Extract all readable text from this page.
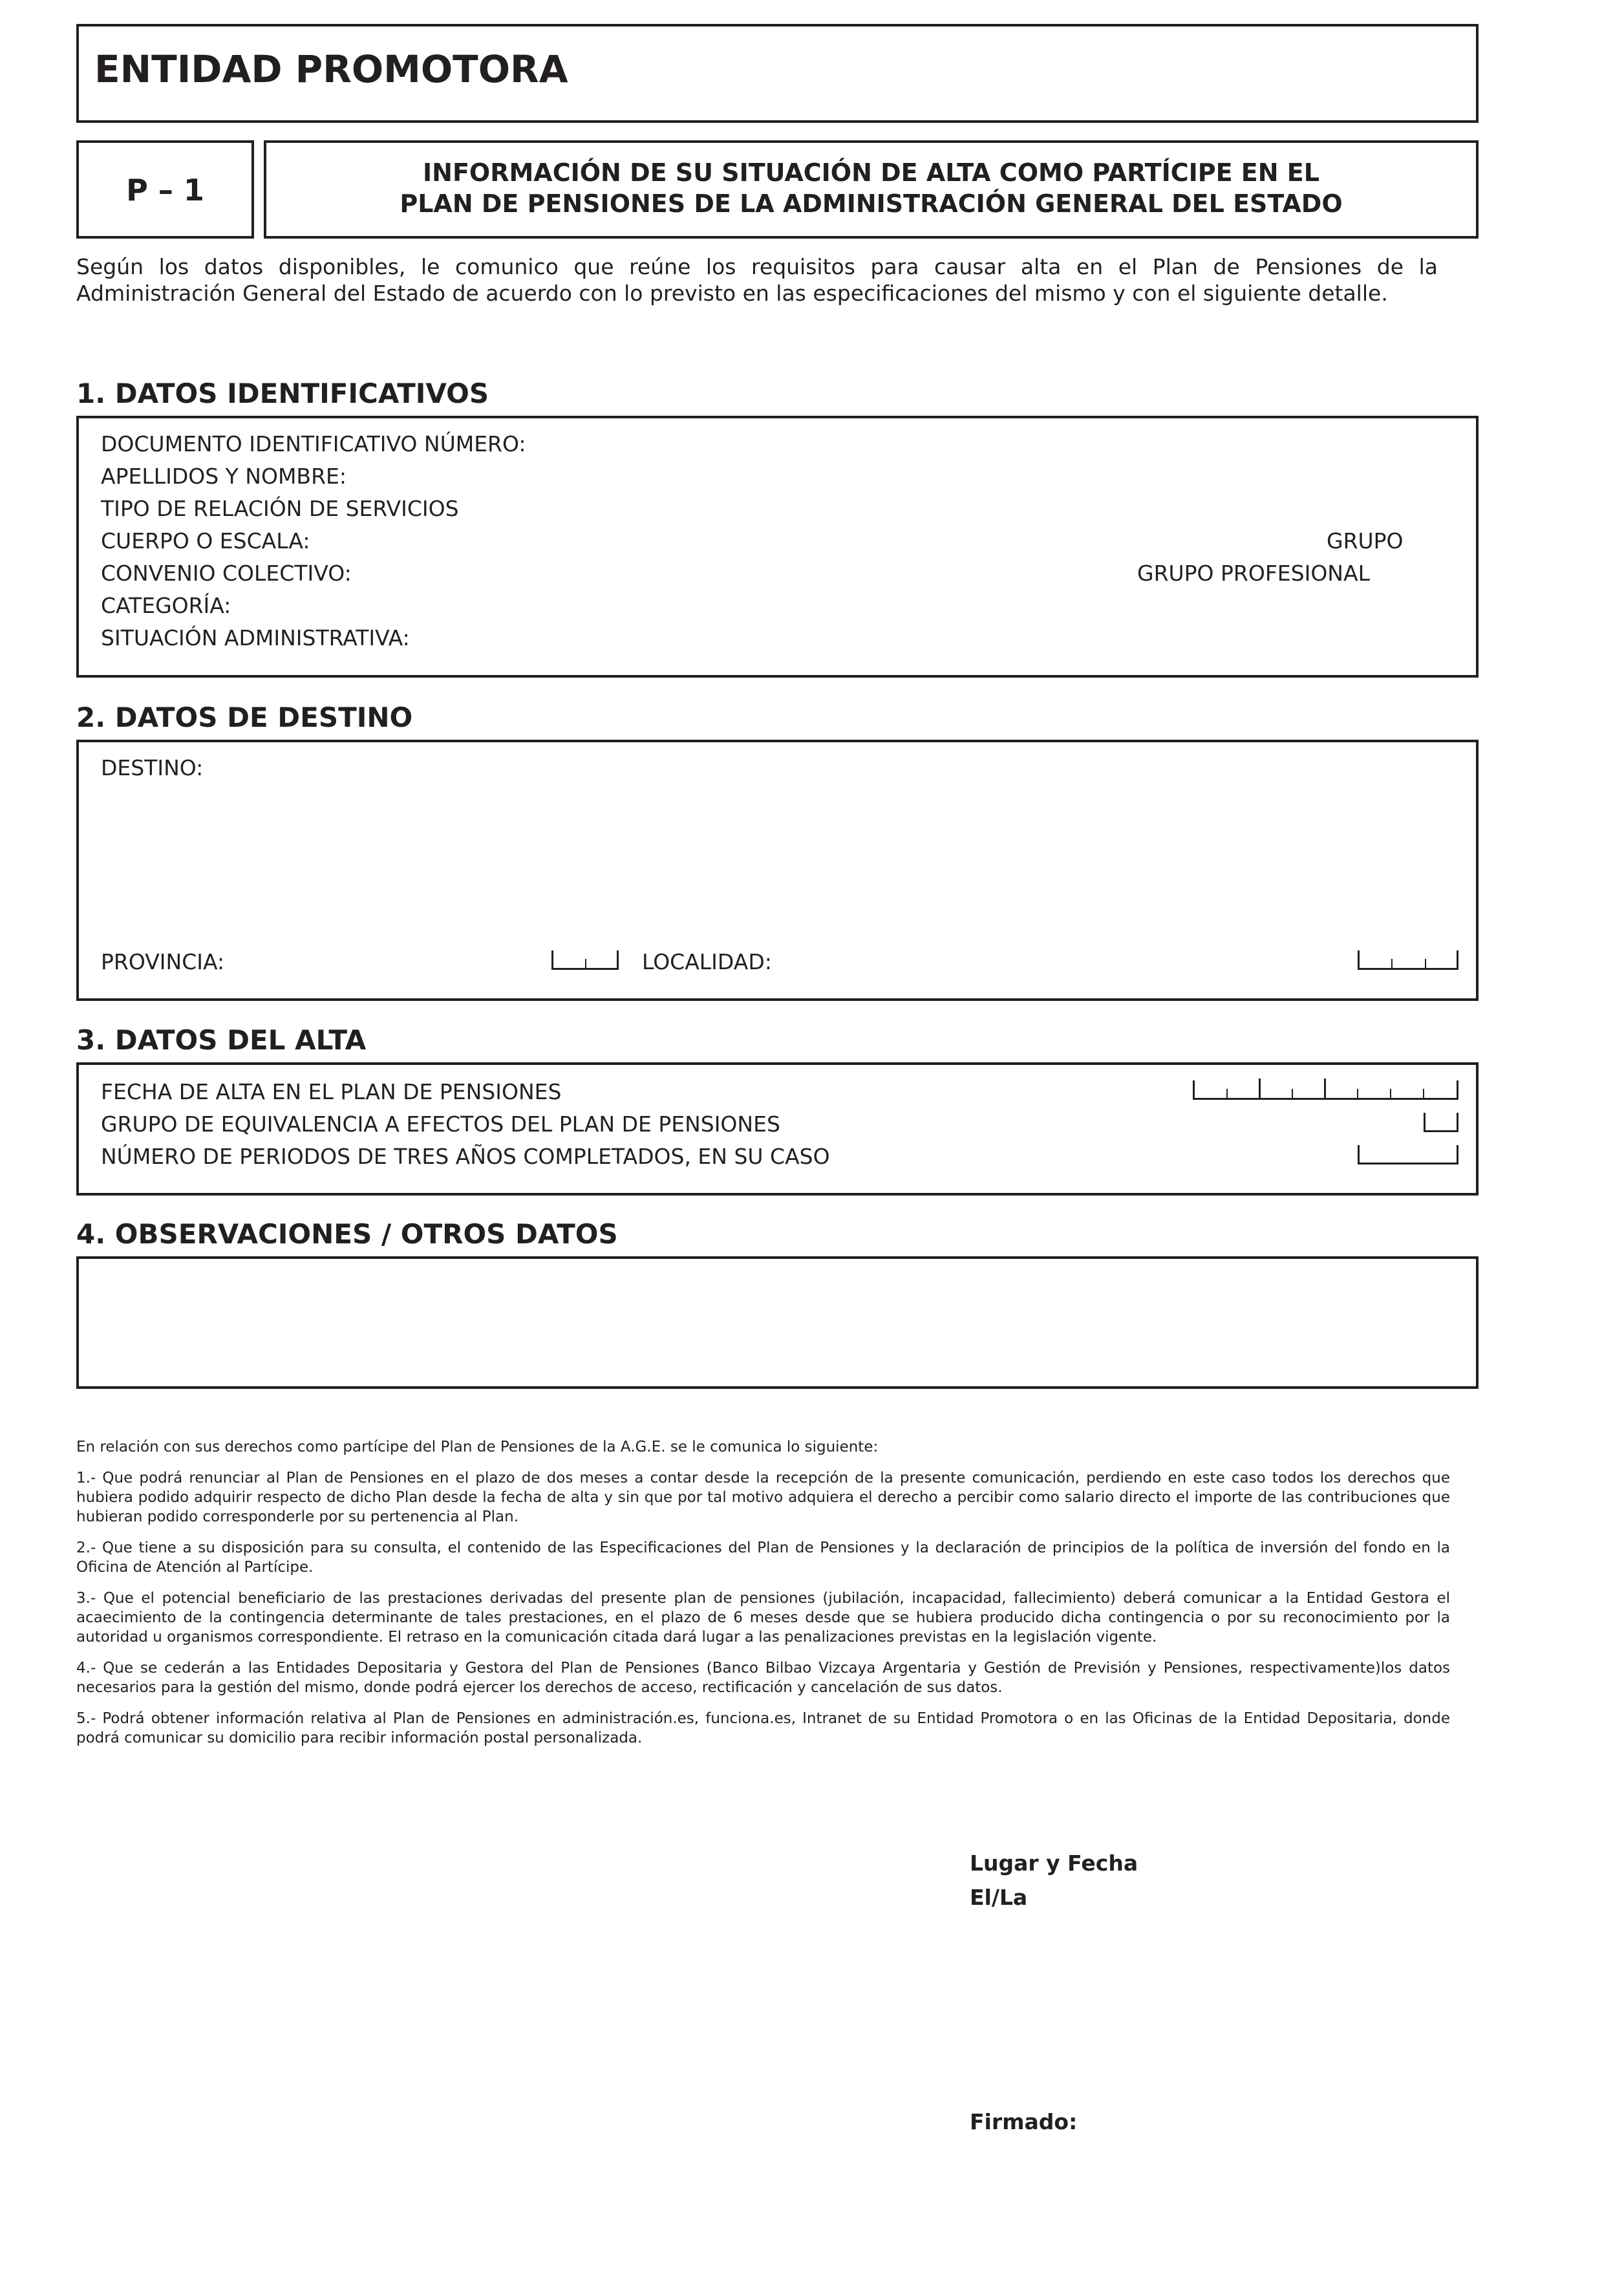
ENTIDAD PROMOTORA
P – 1	INFORMACIÓN DE SU SITUACIÓN DE ALTA COMO PARTÍCIPE EN EL
PLAN DE PENSIONES DE LA ADMINISTRACIÓN GENERAL DEL ESTADO
Según los datos disponibles, le comunico que reúne los requisitos para causar alta en el Plan de Pensiones de la Administración General del Estado de acuerdo con lo previsto en las especificaciones del mismo y con el siguiente detalle.
1. DATOS IDENTIFICATIVOS
DOCUMENTO IDENTIFICATIVO NÚMERO:
APELLIDOS Y NOMBRE:
TIPO DE RELACIÓN DE SERVICIOS
CUERPO O ESCALA:	GRUPO
CONVENIO COLECTIVO:	GRUPO PROFESIONAL
CATEGORÍA:
SITUACIÓN ADMINISTRATIVA:
2. DATOS DE DESTINO
DESTINO:
PROVINCIA:	LOCALIDAD:
3. DATOS DEL ALTA
FECHA DE ALTA EN EL PLAN DE PENSIONES
GRUPO DE EQUIVALENCIA A EFECTOS DEL PLAN DE PENSIONES
NÚMERO DE PERIODOS DE TRES AÑOS COMPLETADOS, EN SU CASO
4. OBSERVACIONES / OTROS DATOS

En relación con sus derechos como partícipe del Plan de Pensiones de la A.G.E. se le comunica lo siguiente:

1.- Que podrá renunciar al Plan de Pensiones en el plazo de dos meses a contar desde la recepción de la presente comunicación, perdiendo en este caso todos los derechos que hubiera podido adquirir respecto de dicho Plan desde la fecha de alta y sin que por tal motivo adquiera el derecho a percibir como salario directo el importe de las contribuciones que hubieran podido corresponderle por su pertenencia al Plan.

2.- Que tiene a su disposición para su consulta, el contenido de las Especificaciones del Plan de Pensiones y la declaración de principios de la política de inversión del fondo en la Oficina de Atención al Partícipe.

3.- Que el potencial beneficiario de las prestaciones derivadas del presente plan de pensiones (jubilación, incapacidad, fallecimiento) deberá comunicar a la Entidad Gestora el acaecimiento de la contingencia determinante de tales prestaciones, en el plazo de 6 meses desde que se hubiera producido dicha contingencia o por su reconocimiento por la autoridad u organismos correspondiente. El retraso en la comunicación citada dará lugar a las penalizaciones previstas en la legislación vigente.

4.- Que se cederán a las Entidades Depositaria y Gestora del Plan de Pensiones (Banco Bilbao Vizcaya Argentaria y Gestión de Previsión y Pensiones, respectivamente)los datos necesarios para la gestión del mismo, donde podrá ejercer los derechos de acceso, rectificación y cancelación de sus datos.

5.- Podrá obtener información relativa al Plan de Pensiones en administración.es, funciona.es, Intranet de su Entidad Promotora o en las Oficinas de la Entidad Depositaria, donde podrá comunicar su domicilio para recibir información postal personalizada.

Lugar y Fecha
El/La
Firmado:
